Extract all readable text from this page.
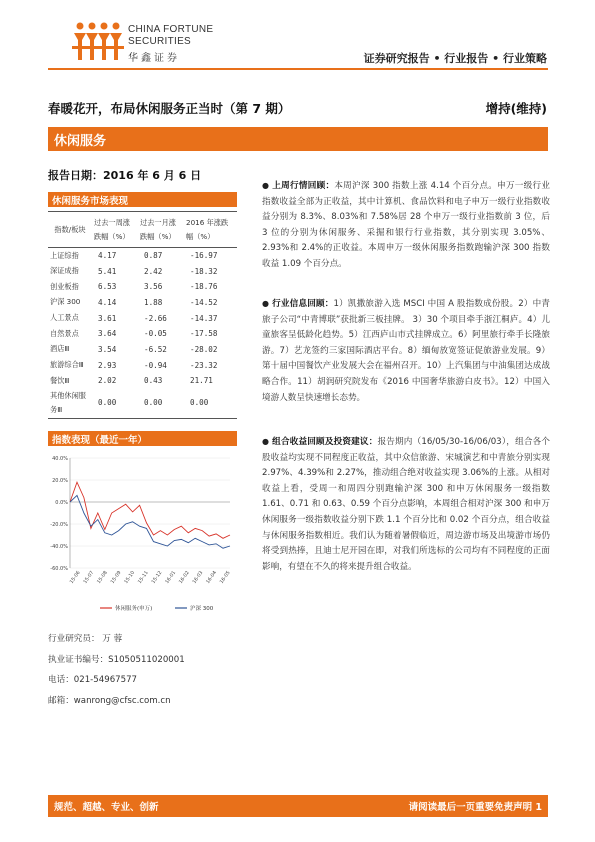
CHINA FORTUNE
SECURITIES
华鑫证券	证券研究报告 • 行业报告 • 行业策略
春暖花开，布局休闲服务正当时（第 7 期）	增持(维持)
休闲服务
报告日期：2016 年 6 月 6 日
休闲服务市场表现
指数/板块	过去一周涨跌幅（%）	过去一月涨跌幅（%）	2016 年涨跌幅（%）
上证综指	4.17	0.87	-16.97
深证成指	5.41	2.42	-18.32
创业板指	6.53	3.56	-18.76
沪深 300	4.14	1.88	-14.52
人工景点	3.61	-2.66	-14.37
自然景点	3.64	-0.05	-17.58
酒店Ⅲ	3.54	-6.52	-28.02
旅游综合Ⅲ	2.93	-0.94	-23.32
餐饮Ⅲ	2.02	0.43	21.71
其他休闲服务Ⅲ	0.00	0.00	0.00
指数表现（最近一年）
40.0%
20.0%
0.0%
-20.0%
-40.0%
-60.0%
15-06 15-07 15-08 15-09 15-10 15-11 15-12 16-01 16-02 16-03 16-04 16-05
休闲服务(申万)	沪深 300
行业研究员： 万 蓉
执业证书编号：S1050511020001
电话：021-54967577
邮箱：wanrong@cfsc.com.cn
● 上周行情回顾：本周沪深 300 指数上涨 4.14 个百分点。申万一级行业指数收益全部为正收益，其中计算机、食品饮料和电子申万一级行业指数收益分别为 8.3%、8.03%和 7.58%居 28 个申万一级行业指数前 3 位，后 3 位的分别为休闲服务、采掘和银行行业指数，其分别实现 3.05%、2.93%和 2.4%的正收益。本周申万一级休闲服务指数跑输沪深 300 指数收益 1.09 个百分点。
● 行业信息回顾：1）凯撒旅游入选 MSCI 中国 A 股指数成份股。2）中青旅子公司“中青博联”获批新三板挂牌。 3）30 个项目牵手浙江桐庐。4）儿童旅客呈低龄化趋势。5）江西庐山市式挂牌成立。6）阿里旅行牵手长隆旅游。7）艺龙签约三家国际酒店平台。8）缅甸放宽签证促旅游业发展。9）第十届中国餐饮产业发展大会在福州召开。10）上汽集团与中油集团达成战略合作。11）胡润研究院发布《2016 中国奢华旅游白皮书》。12）中国入境游人数呈快速增长态势。
● 组合收益回顾及投资建议：报告期内（16/05/30-16/06/03），组合各个股收益均实现不同程度正收益，其中众信旅游、宋城演艺和中青旅分别实现 2.97%、4.39%和 2.27%，推动组合绝对收益实现 3.06%的上涨。从相对收益上看，受周一和周四分别跑输沪深 300 和申万休闲服务一级指数 1.61、0.71 和 0.63、0.59 个百分点影响，本周组合相对沪深 300 和申万休闲服务一级指数收益分别下跌 1.1 个百分比和 0.02 个百分点，组合收益与休闲服务指数相近。我们认为随着暑假临近，周边游市场及出境游市场仍将受到热捧，且迪士尼开园在即，对我们所选标的公司均有不同程度的正面影响，有望在不久的将来提升组合收益。
规范、超越、专业、创新	请阅读最后一页重要免责声明 1
